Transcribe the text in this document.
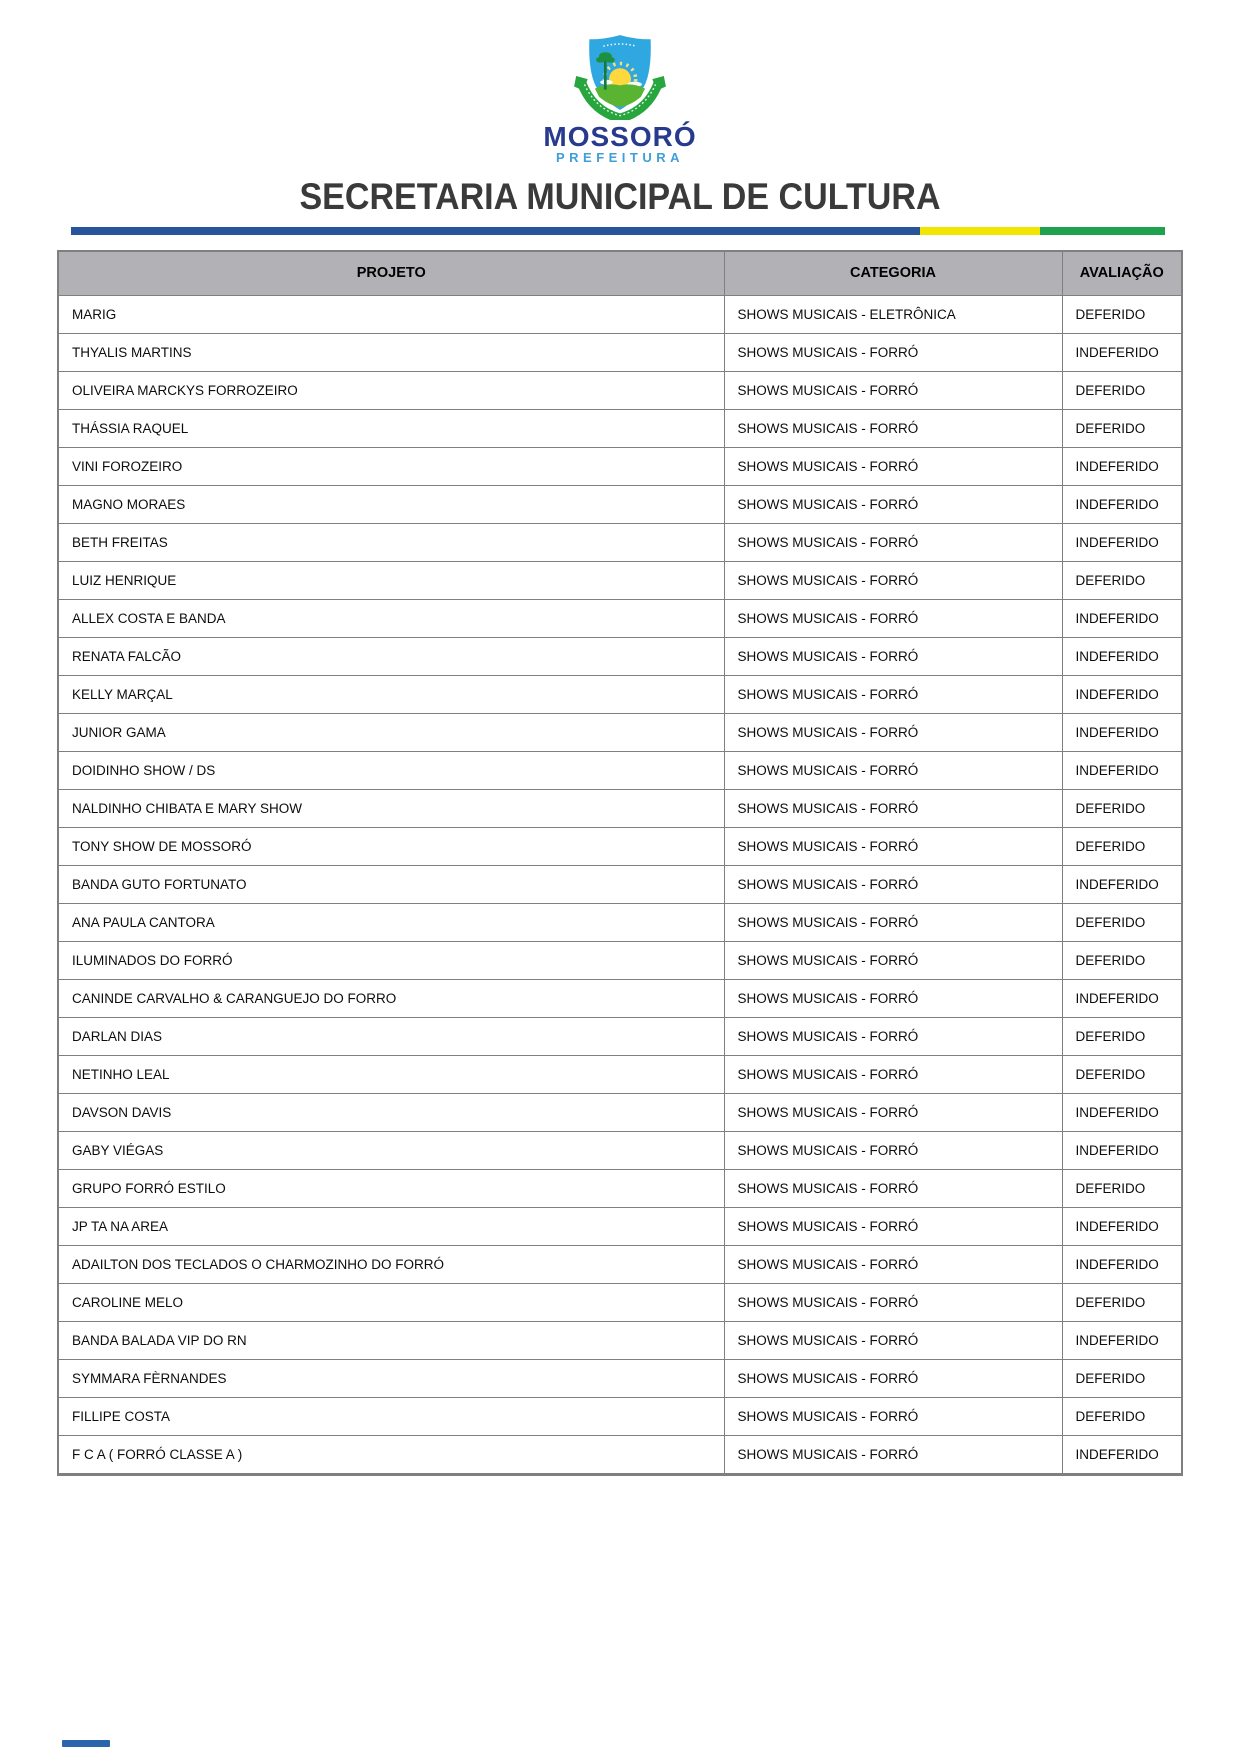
MOSSORÓ
PREFEITURA
SECRETARIA MUNICIPAL DE CULTURA
PROJETO	CATEGORIA	AVALIAÇÃO
MARIG	SHOWS MUSICAIS - ELETRÔNICA	DEFERIDO
THYALIS MARTINS	SHOWS MUSICAIS - FORRÓ	INDEFERIDO
OLIVEIRA MARCKYS FORROZEIRO	SHOWS MUSICAIS - FORRÓ	DEFERIDO
THÁSSIA RAQUEL	SHOWS MUSICAIS - FORRÓ	DEFERIDO
VINI FOROZEIRO	SHOWS MUSICAIS - FORRÓ	INDEFERIDO
MAGNO MORAES	SHOWS MUSICAIS - FORRÓ	INDEFERIDO
BETH FREITAS	SHOWS MUSICAIS - FORRÓ	INDEFERIDO
LUIZ HENRIQUE	SHOWS MUSICAIS - FORRÓ	DEFERIDO
ALLEX COSTA E BANDA	SHOWS MUSICAIS - FORRÓ	INDEFERIDO
RENATA FALCÃO	SHOWS MUSICAIS - FORRÓ	INDEFERIDO
KELLY MARÇAL	SHOWS MUSICAIS - FORRÓ	INDEFERIDO
JUNIOR GAMA	SHOWS MUSICAIS - FORRÓ	INDEFERIDO
DOIDINHO SHOW / DS	SHOWS MUSICAIS - FORRÓ	INDEFERIDO
NALDINHO CHIBATA E MARY SHOW	SHOWS MUSICAIS - FORRÓ	DEFERIDO
TONY SHOW DE MOSSORÓ	SHOWS MUSICAIS - FORRÓ	DEFERIDO
BANDA GUTO FORTUNATO	SHOWS MUSICAIS - FORRÓ	INDEFERIDO
ANA PAULA CANTORA	SHOWS MUSICAIS - FORRÓ	DEFERIDO
ILUMINADOS DO FORRÓ	SHOWS MUSICAIS - FORRÓ	DEFERIDO
CANINDE CARVALHO & CARANGUEJO DO FORRO	SHOWS MUSICAIS - FORRÓ	INDEFERIDO
DARLAN DIAS	SHOWS MUSICAIS - FORRÓ	DEFERIDO
NETINHO LEAL	SHOWS MUSICAIS - FORRÓ	DEFERIDO
DAVSON DAVIS	SHOWS MUSICAIS - FORRÓ	INDEFERIDO
GABY VIÉGAS	SHOWS MUSICAIS - FORRÓ	INDEFERIDO
GRUPO FORRÓ ESTILO	SHOWS MUSICAIS - FORRÓ	DEFERIDO
JP TA NA AREA	SHOWS MUSICAIS - FORRÓ	INDEFERIDO
ADAILTON DOS TECLADOS O CHARMOZINHO DO FORRÓ	SHOWS MUSICAIS - FORRÓ	INDEFERIDO
CAROLINE MELO	SHOWS MUSICAIS - FORRÓ	DEFERIDO
BANDA BALADA VIP DO RN	SHOWS MUSICAIS - FORRÓ	INDEFERIDO
SYMMARA FÈRNANDES	SHOWS MUSICAIS - FORRÓ	DEFERIDO
FILLIPE COSTA	SHOWS MUSICAIS - FORRÓ	DEFERIDO
F C A ( FORRÓ CLASSE A )	SHOWS MUSICAIS - FORRÓ	INDEFERIDO
